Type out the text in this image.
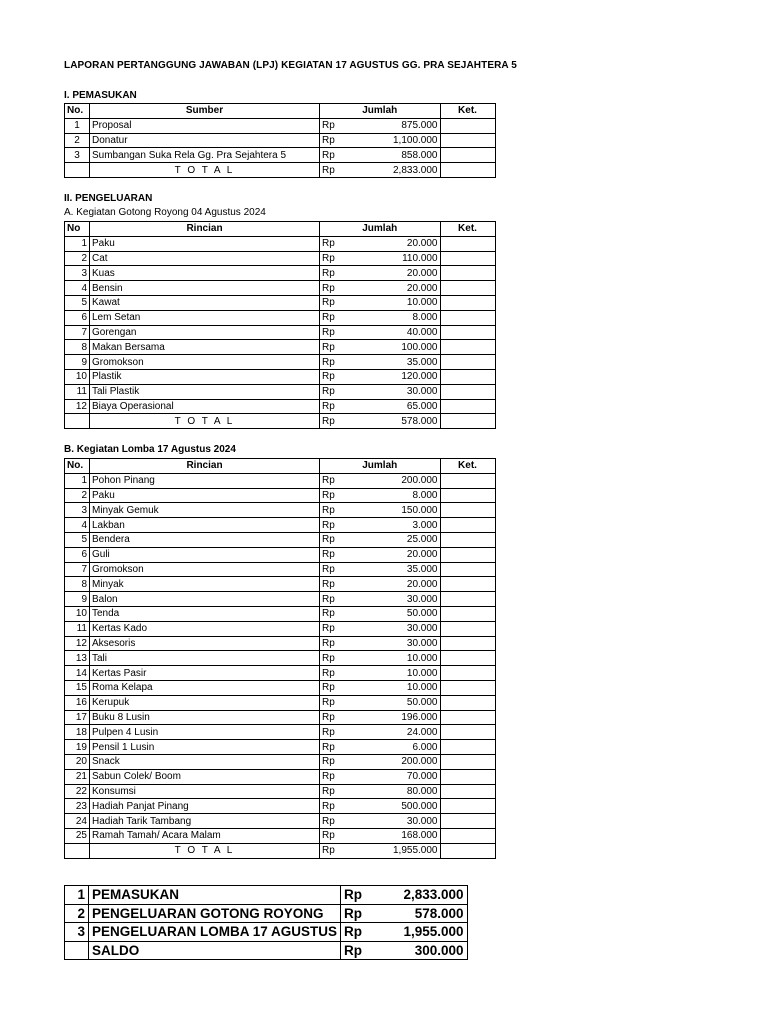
LAPORAN PERTANGGUNG JAWABAN (LPJ) KEGIATAN 17 AGUSTUS GG. PRA SEJAHTERA 5
I. PEMASUKAN
No.	Sumber	Jumlah		Ket.
1	Proposal	Rp	875.000	
2	Donatur	Rp	1,100.000	
3	Sumbangan Suka Rela Gg. Pra Sejahtera 5	Rp	858.000	
	T O T A L	Rp	2,833.000	
II. PENGELUARAN
A. Kegiatan Gotong Royong 04 Agustus 2024
No	Rincian	Jumlah		Ket.
1	Paku	Rp	20.000	
2	Cat	Rp	110.000	
3	Kuas	Rp	20.000	
4	Bensin	Rp	20.000	
5	Kawat	Rp	10.000	
6	Lem Setan	Rp	8.000	
7	Gorengan	Rp	40.000	
8	Makan Bersama	Rp	100.000	
9	Gromokson	Rp	35.000	
10	Plastik	Rp	120.000	
11	Tali Plastik	Rp	30.000	
12	Biaya Operasional	Rp	65.000	
	T O T A L	Rp	578.000	
B. Kegiatan Lomba 17 Agustus 2024
No.	Rincian	Jumlah		Ket.
1	Pohon Pinang	Rp	200.000	
2	Paku	Rp	8.000	
3	Minyak Gemuk	Rp	150.000	
4	Lakban	Rp	3.000	
5	Bendera	Rp	25.000	
6	Guli	Rp	20.000	
7	Gromokson	Rp	35.000	
8	Minyak	Rp	20.000	
9	Balon	Rp	30.000	
10	Tenda	Rp	50.000	
11	Kertas Kado	Rp	30.000	
12	Aksesoris	Rp	30.000	
13	Tali	Rp	10.000	
14	Kertas Pasir	Rp	10.000	
15	Roma Kelapa	Rp	10.000	
16	Kerupuk	Rp	50.000	
17	Buku 8 Lusin	Rp	196.000	
18	Pulpen 4 Lusin	Rp	24.000	
19	Pensil 1 Lusin	Rp	6.000	
20	Snack	Rp	200.000	
21	Sabun Colek/ Boom	Rp	70.000	
22	Konsumsi	Rp	80.000	
23	Hadiah Panjat Pinang	Rp	500.000	
24	Hadiah Tarik Tambang	Rp	30.000	
25	Ramah Tamah/ Acara Malam	Rp	168.000	
	T O T A L	Rp	1,955.000	
1	PEMASUKAN	Rp	2,833.000
2	PENGELUARAN GOTONG ROYONG	Rp	578.000
3	PENGELUARAN LOMBA 17 AGUSTUS	Rp	1,955.000
	SALDO	Rp	300.000
